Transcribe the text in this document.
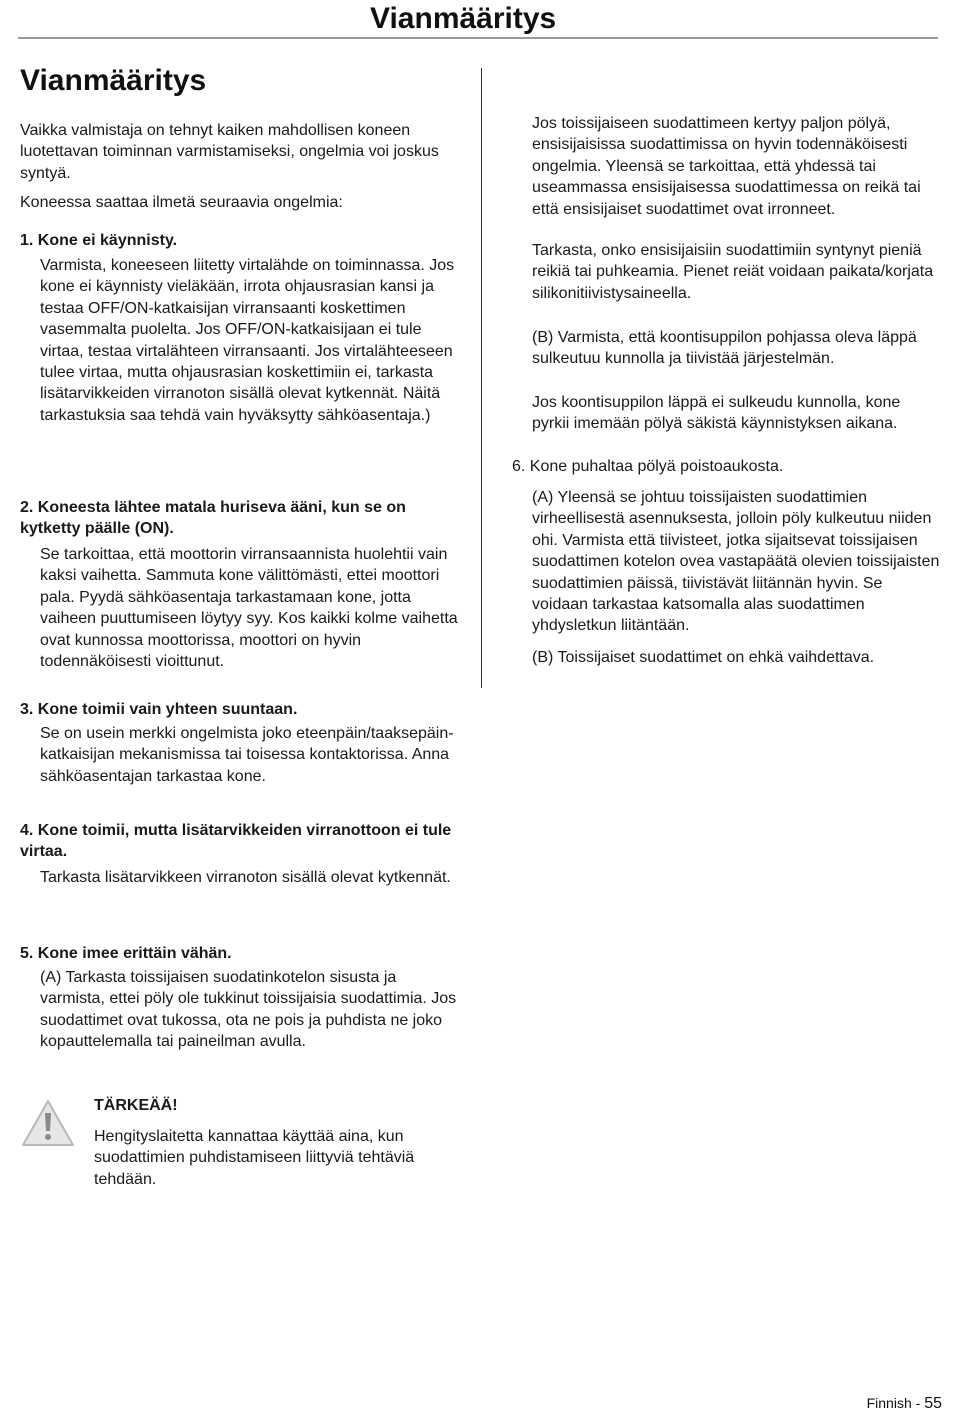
Vianmääritys
Vianmääritys
Vaikka valmistaja on tehnyt kaiken mahdollisen koneen luotettavan toiminnan varmistamiseksi, ongelmia voi joskus syntyä.
Koneessa saattaa ilmetä seuraavia ongelmia:
1. Kone ei käynnisty.
Varmista, koneeseen liitetty virtalähde on toiminnassa. Jos kone ei käynnisty vieläkään, irrota ohjausrasian kansi ja testaa OFF/ON-katkaisijan virransaanti koskettimen vasemmalta puolelta. Jos OFF/ON-katkaisijaan ei tule virtaa, testaa virtalähteen virransaanti. Jos virtalähteeseen tulee virtaa, mutta ohjausrasian koskettimiin ei, tarkasta lisätarvikkeiden virranoton sisällä olevat kytkennät. Näitä tarkastuksia saa tehdä vain hyväksytty sähköasentaja.)
2. Koneesta lähtee matala huriseva ääni, kun se on kytketty päälle (ON).
Se tarkoittaa, että moottorin virransaannista huolehtii vain kaksi vaihetta. Sammuta kone välittömästi, ettei moottori pala. Pyydä sähköasentaja tarkastamaan kone, jotta vaiheen puuttumiseen löytyy syy. Kos kaikki kolme vaihetta ovat kunnossa moottorissa, moottori on hyvin todennäköisesti vioittunut.
3. Kone toimii vain yhteen suuntaan.
Se on usein merkki ongelmista joko eteenpäin/taaksepäin-katkaisijan mekanismissa tai toisessa kontaktorissa. Anna sähköasentajan tarkastaa kone.
4. Kone toimii, mutta lisätarvikkeiden virranottoon ei tule virtaa.
Tarkasta lisätarvikkeen virranoton sisällä olevat kytkennät.
5. Kone imee erittäin vähän.
(A) Tarkasta toissijaisen suodatinkotelon sisusta ja varmista, ettei pöly ole tukkinut toissijaisia suodattimia. Jos suodattimet ovat tukossa, ota ne pois ja puhdista ne joko kopauttelemalla tai paineilman avulla.
TÄRKEÄÄ!
Hengityslaitetta kannattaa käyttää aina, kun suodattimien puhdistamiseen liittyviä tehtäviä tehdään.
Jos toissijaiseen suodattimeen kertyy paljon pölyä, ensisijaisissa suodattimissa on hyvin todennäköisesti ongelmia. Yleensä se tarkoittaa, että yhdessä tai useammassa ensisijaisessa suodattimessa on reikä tai että ensisijaiset suodattimet ovat irronneet.
Tarkasta, onko ensisijaisiin suodattimiin syntynyt pieniä reikiä tai puhkeamia. Pienet reiät voidaan paikata/korjata silikonitiivistysaineella.
(B) Varmista, että koontisuppilon pohjassa oleva läppä sulkeutuu kunnolla ja tiivistää järjestelmän.
Jos koontisuppilon läppä ei sulkeudu kunnolla, kone pyrkii imemään pölyä säkistä käynnistyksen aikana.
6. Kone puhaltaa pölyä poistoaukosta.
(A) Yleensä se johtuu toissijaisten suodattimien virheellisestä asennuksesta, jolloin pöly kulkeutuu niiden ohi. Varmista että tiivisteet, jotka sijaitsevat toissijaisen suodattimen kotelon ovea vastapäätä olevien toissijaisten suodattimien päissä, tiivistävät liitännän hyvin. Se voidaan tarkastaa katsomalla alas suodattimen yhdysletkun liitäntään.
(B) Toissijaiset suodattimet on ehkä vaihdettava.
Finnish - 55
